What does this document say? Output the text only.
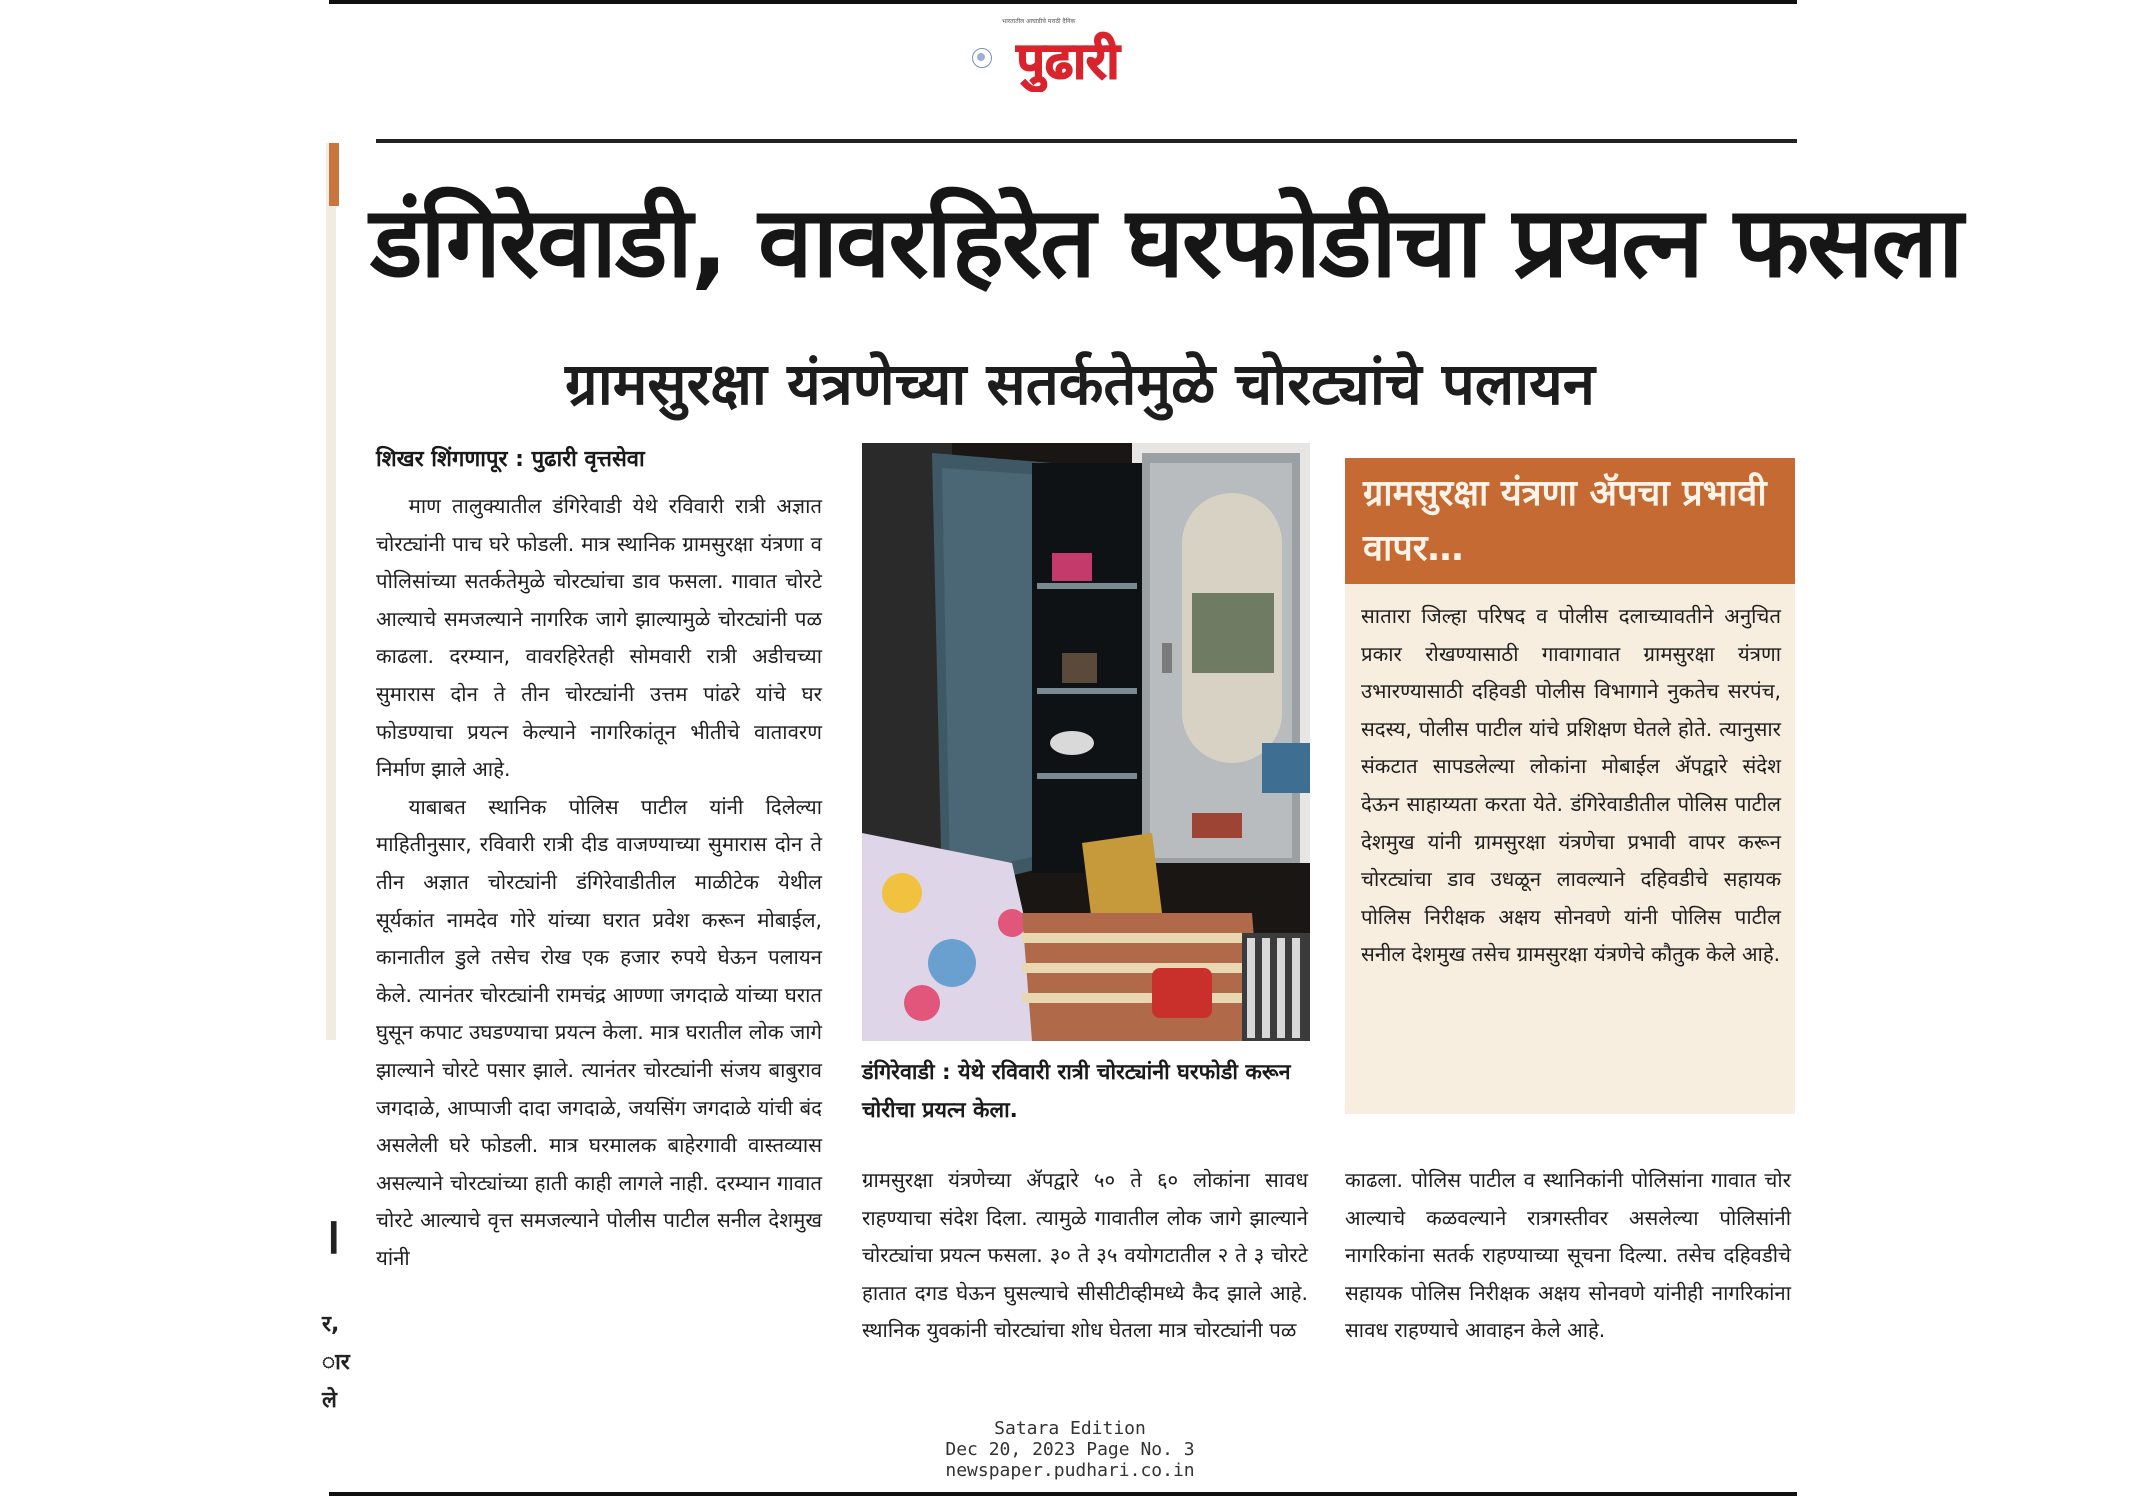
भारतातील आघाडीचे मराठी दैनिक
पुढारी
डंगिरेवाडी, वावरहिरेत घरफोडीचा प्रयत्न फसला
ग्रामसुरक्षा यंत्रणेच्या सतर्कतेमुळे चोरट्यांचे पलायन
शिखर शिंगणापूर : पुढारी वृत्तसेवा

माण तालुक्यातील डंगिरेवाडी येथे रविवारी रात्री अज्ञात चोरट्यांनी पाच घरे फोडली. मात्र स्थानिक ग्रामसुरक्षा यंत्रणा व पोलिसांच्या सतर्कतेमुळे चोरट्यांचा डाव फसला. गावात चोरटे आल्याचे समजल्याने नागरिक जागे झाल्यामुळे चोरट्यांनी पळ काढला. दरम्यान, वावरहिरेतही सोमवारी रात्री अडीचच्या सुमारास दोन ते तीन चोरट्यांनी उत्तम पांढरे यांचे घर फोडण्याचा प्रयत्न केल्याने नागरिकांतून भीतीचे वातावरण निर्माण झाले आहे.

याबाबत स्थानिक पोलिस पाटील यांनी दिलेल्या माहितीनुसार, रविवारी रात्री दीड वाजण्याच्या सुमारास दोन ते तीन अज्ञात चोरट्यांनी डंगिरेवाडीतील माळीटेक येथील सूर्यकांत नामदेव गोरे यांच्या घरात प्रवेश करून मोबाईल, कानातील डुले तसेच रोख एक हजार रुपये घेऊन पलायन केले. त्यानंतर चोरट्यांनी रामचंद्र आण्णा जगदाळे यांच्या घरात घुसून कपाट उघडण्याचा प्रयत्न केला. मात्र घरातील लोक जागे झाल्याने चोरटे पसार झाले. त्यानंतर चोरट्यांनी संजय बाबुराव जगदाळे, आप्पाजी दादा जगदाळे, जयसिंग जगदाळे यांची बंद असलेली घरे फोडली. मात्र घरमालक बाहेरगावी वास्तव्यास असल्याने चोरट्यांच्या हाती काही लागले नाही. दरम्यान गावात चोरटे आल्याचे वृत्त समजल्याने पोलीस पाटील सनील देशमुख यांनी

डंगिरेवाडी : येथे रविवारी रात्री चोरट्यांनी घरफोडी करून चोरीचा प्रयत्न केला.
ग्रामसुरक्षा यंत्रणा ॲपचा प्रभावी वापर…
सातारा जिल्हा परिषद व पोलीस दलाच्यावतीने अनुचित प्रकार रोखण्यासाठी गावागावात ग्रामसुरक्षा यंत्रणा उभारण्यासाठी दहिवडी पोलीस विभागाने नुकतेच सरपंच, सदस्य, पोलीस पाटील यांचे प्रशिक्षण घेतले होते. त्यानुसार संकटात सापडलेल्या लोकांना मोबाईल ॲपद्वारे संदेश देऊन साहाय्यता करता येते. डंगिरेवाडीतील पोलिस पाटील देशमुख यांनी ग्रामसुरक्षा यंत्रणेचा प्रभावी वापर करून चोरट्यांचा डाव उधळून लावल्याने दहिवडीचे सहायक पोलिस निरीक्षक अक्षय सोनवणे यांनी पोलिस पाटील सनील देशमुख तसेच ग्रामसुरक्षा यंत्रणेचे कौतुक केले आहे.

ग्रामसुरक्षा यंत्रणेच्या ॲपद्वारे ५० ते ६० लोकांना सावध राहण्याचा संदेश दिला. त्यामुळे गावातील लोक जागे झाल्याने चोरट्यांचा प्रयत्न फसला. ३० ते ३५ वयोगटातील २ ते ३ चोरटे हातात दगड घेऊन घुसल्याचे सीसीटीव्हीमध्ये कैद झाले आहे. स्थानिक युवकांनी चोरट्यांचा शोध घेतला मात्र चोरट्यांनी पळ

काढला. पोलिस पाटील व स्थानिकांनी पोलिसांना गावात चोर आल्याचे कळवल्याने रात्रगस्तीवर असलेल्या पोलिसांनी नागरिकांना सतर्क राहण्याच्या सूचना दिल्या. तसेच दहिवडीचे सहायक पोलिस निरीक्षक अक्षय सोनवणे यांनीही नागरिकांना सावध राहण्याचे आवाहन केले आहे.

।
र,
ार
ले
Satara Edition
Dec 20, 2023 Page No. 3
newspaper.pudhari.co.in
